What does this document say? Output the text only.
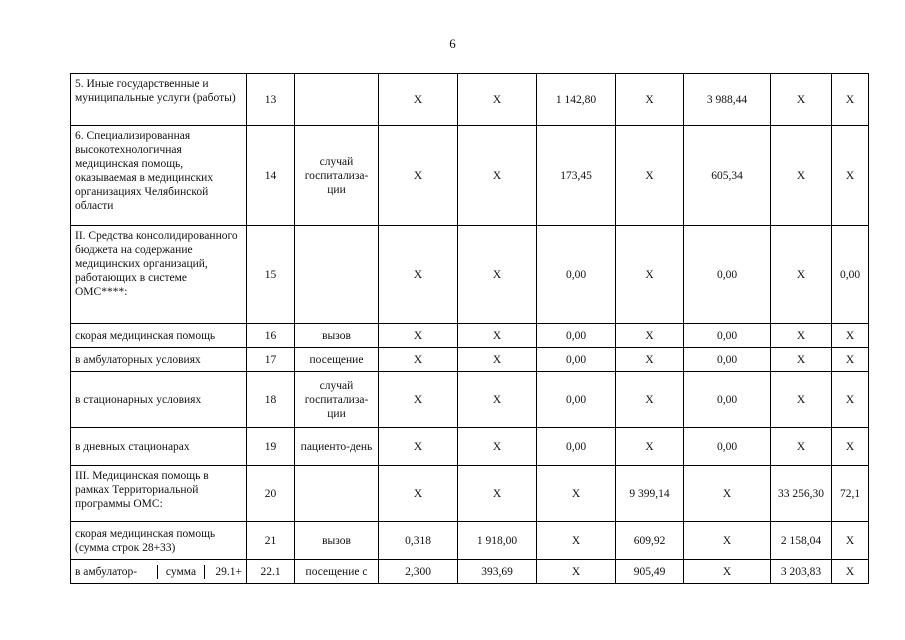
6
5. Иные государственные и муниципальные услуги (работы)	13		Х	Х	1 142,80	Х	3 988,44	Х	Х
6. Специализированная высокотехнологичная медицинская помощь, оказываемая в медицинских организациях Челябинской области	14	случай госпитализа-ции	Х	Х	173,45	Х	605,34	Х	Х
II. Средства консолидированного бюджета на содержание медицинских организаций, работающих в системе ОМС****:	15		Х	Х	0,00	Х	0,00	Х	0,00
скорая медицинская помощь	16	вызов	Х	Х	0,00	Х	0,00	Х	Х
в амбулаторных условиях	17	посещение	Х	Х	0,00	Х	0,00	Х	Х
в стационарных условиях	18	случай госпитализа-ции	Х	Х	0,00	Х	0,00	Х	Х
в дневных стационарах	19	пациенто-день	Х	Х	0,00	Х	0,00	Х	Х
III. Медицинская помощь в рамках Территориальной программы ОМС:	20		Х	Х	Х	9 399,14	Х	33 256,30	72,1
скорая медицинская помощь (сумма строк 28+33)	21	вызов	0,318	1 918,00	Х	609,92	Х	2 158,04	Х

в амбулатор- сумма 29.1+	22.1	посещение с	2,300	393,69	Х	905,49	Х	3 203,83	Х
